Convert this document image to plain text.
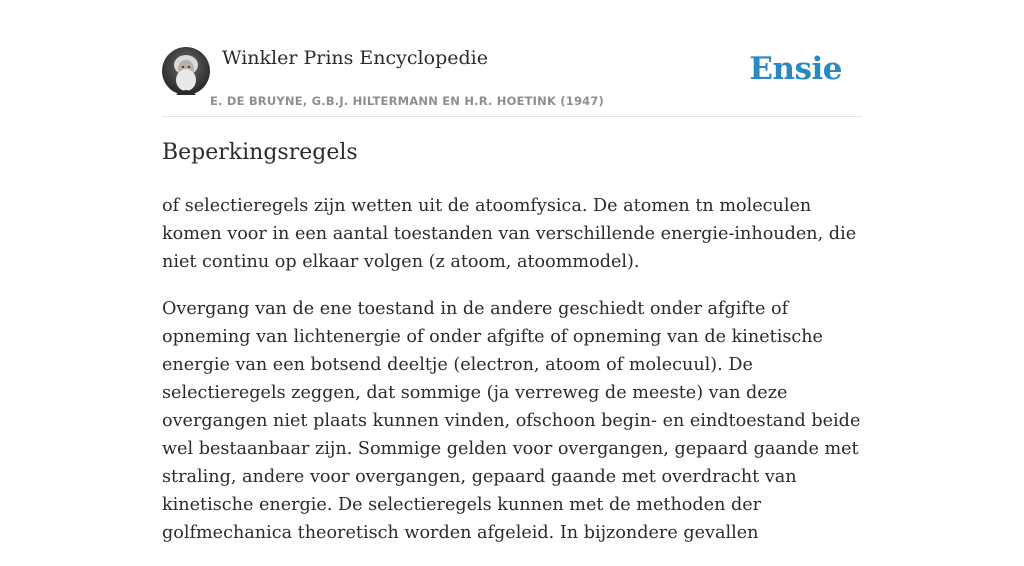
Winkler Prins Encyclopedie
E. DE BRUYNE, G.B.J. HILTERMANN EN H.R. HOETINK (1947)
Ensie
Beperkingsregels

of selectieregels zijn wetten uit de atoomfysica. De atomen tn moleculen komen voor in een aantal toestanden van verschillende energie-inhouden, die niet continu op elkaar volgen (z atoom, atoommodel).

Overgang van de ene toestand in de andere geschiedt onder afgifte of opneming van lichtenergie of onder afgifte of opneming van de kinetische energie van een botsend deeltje (electron, atoom of molecuul). De selectieregels zeggen, dat sommige (ja verreweg de meeste) van deze overgangen niet plaats kunnen vinden, ofschoon begin- en eindtoestand beide wel bestaanbaar zijn. Sommige gelden voor overgangen, gepaard gaande met straling, andere voor overgangen, gepaard gaande met overdracht van kinetische energie. De selectieregels kunnen met de methoden der golfmechanica theoretisch worden afgeleid. In bijzondere gevallen
